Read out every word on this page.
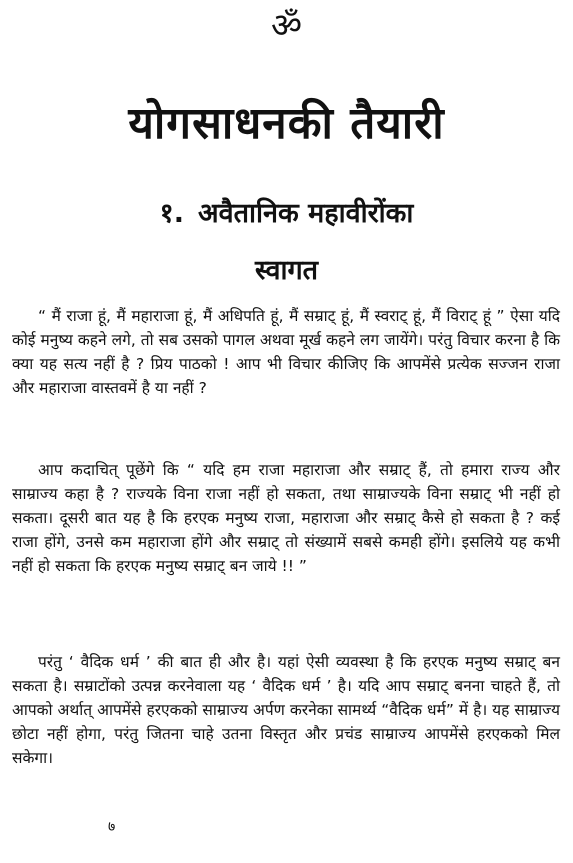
ॐ
योगसाधनकी तैयारी
१. अवैतानिक महावीरोंका
स्वागत

“ मैं राजा हूं, मैं महाराजा हूं, मैं अधिपति हूं, मैं सम्राट् हूं, मैं स्वराट् हूं, मैं विराट् हूं ” ऐसा यदि कोई मनुष्य कहने लगे, तो सब उसको पागल अथवा मूर्ख कहने लग जायेंगे। परंतु विचार करना है कि क्या यह सत्य नहीं है ? प्रिय पाठको ! आप भी विचार कीजिए कि आपमेंसे प्रत्येक सज्जन राजा और महाराजा वास्तवमें है या नहीं ?

आप कदाचित् पूछेंगे कि “ यदि हम राजा महाराजा और सम्राट् हैं, तो हमारा राज्य और साम्राज्य कहा है ? राज्यके विना राजा नहीं हो सकता, तथा साम्राज्यके विना सम्राट् भी नहीं हो सकता। दूसरी बात यह है कि हरएक मनुष्य राजा, महाराजा और सम्राट् कैसे हो सकता है ? कई राजा होंगे, उनसे कम महाराजा होंगे और सम्राट् तो संख्यामें सबसे कमही होंगे। इसलिये यह कभी नहीं हो सकता कि हरएक मनुष्य सम्राट् बन जाये !! ”

परंतु ‘ वैदिक धर्म ’ की बात ही और है। यहां ऐसी व्यवस्था है कि हरएक मनुष्य सम्राट् बन सकता है। सम्राटोंको उत्पन्न करनेवाला यह ‘ वैदिक धर्म ’ है। यदि आप सम्राट् बनना चाहते हैं, तो आपको अर्थात् आपमेंसे हरएकको साम्राज्य अर्पण करनेका सामर्थ्य “वैदिक धर्म” में है। यह साम्राज्य छोटा नहीं होगा, परंतु जितना चाहे उतना विस्तृत और प्रचंड साम्राज्य आपमेंसे हरएकको मिल सकेगा।

७
